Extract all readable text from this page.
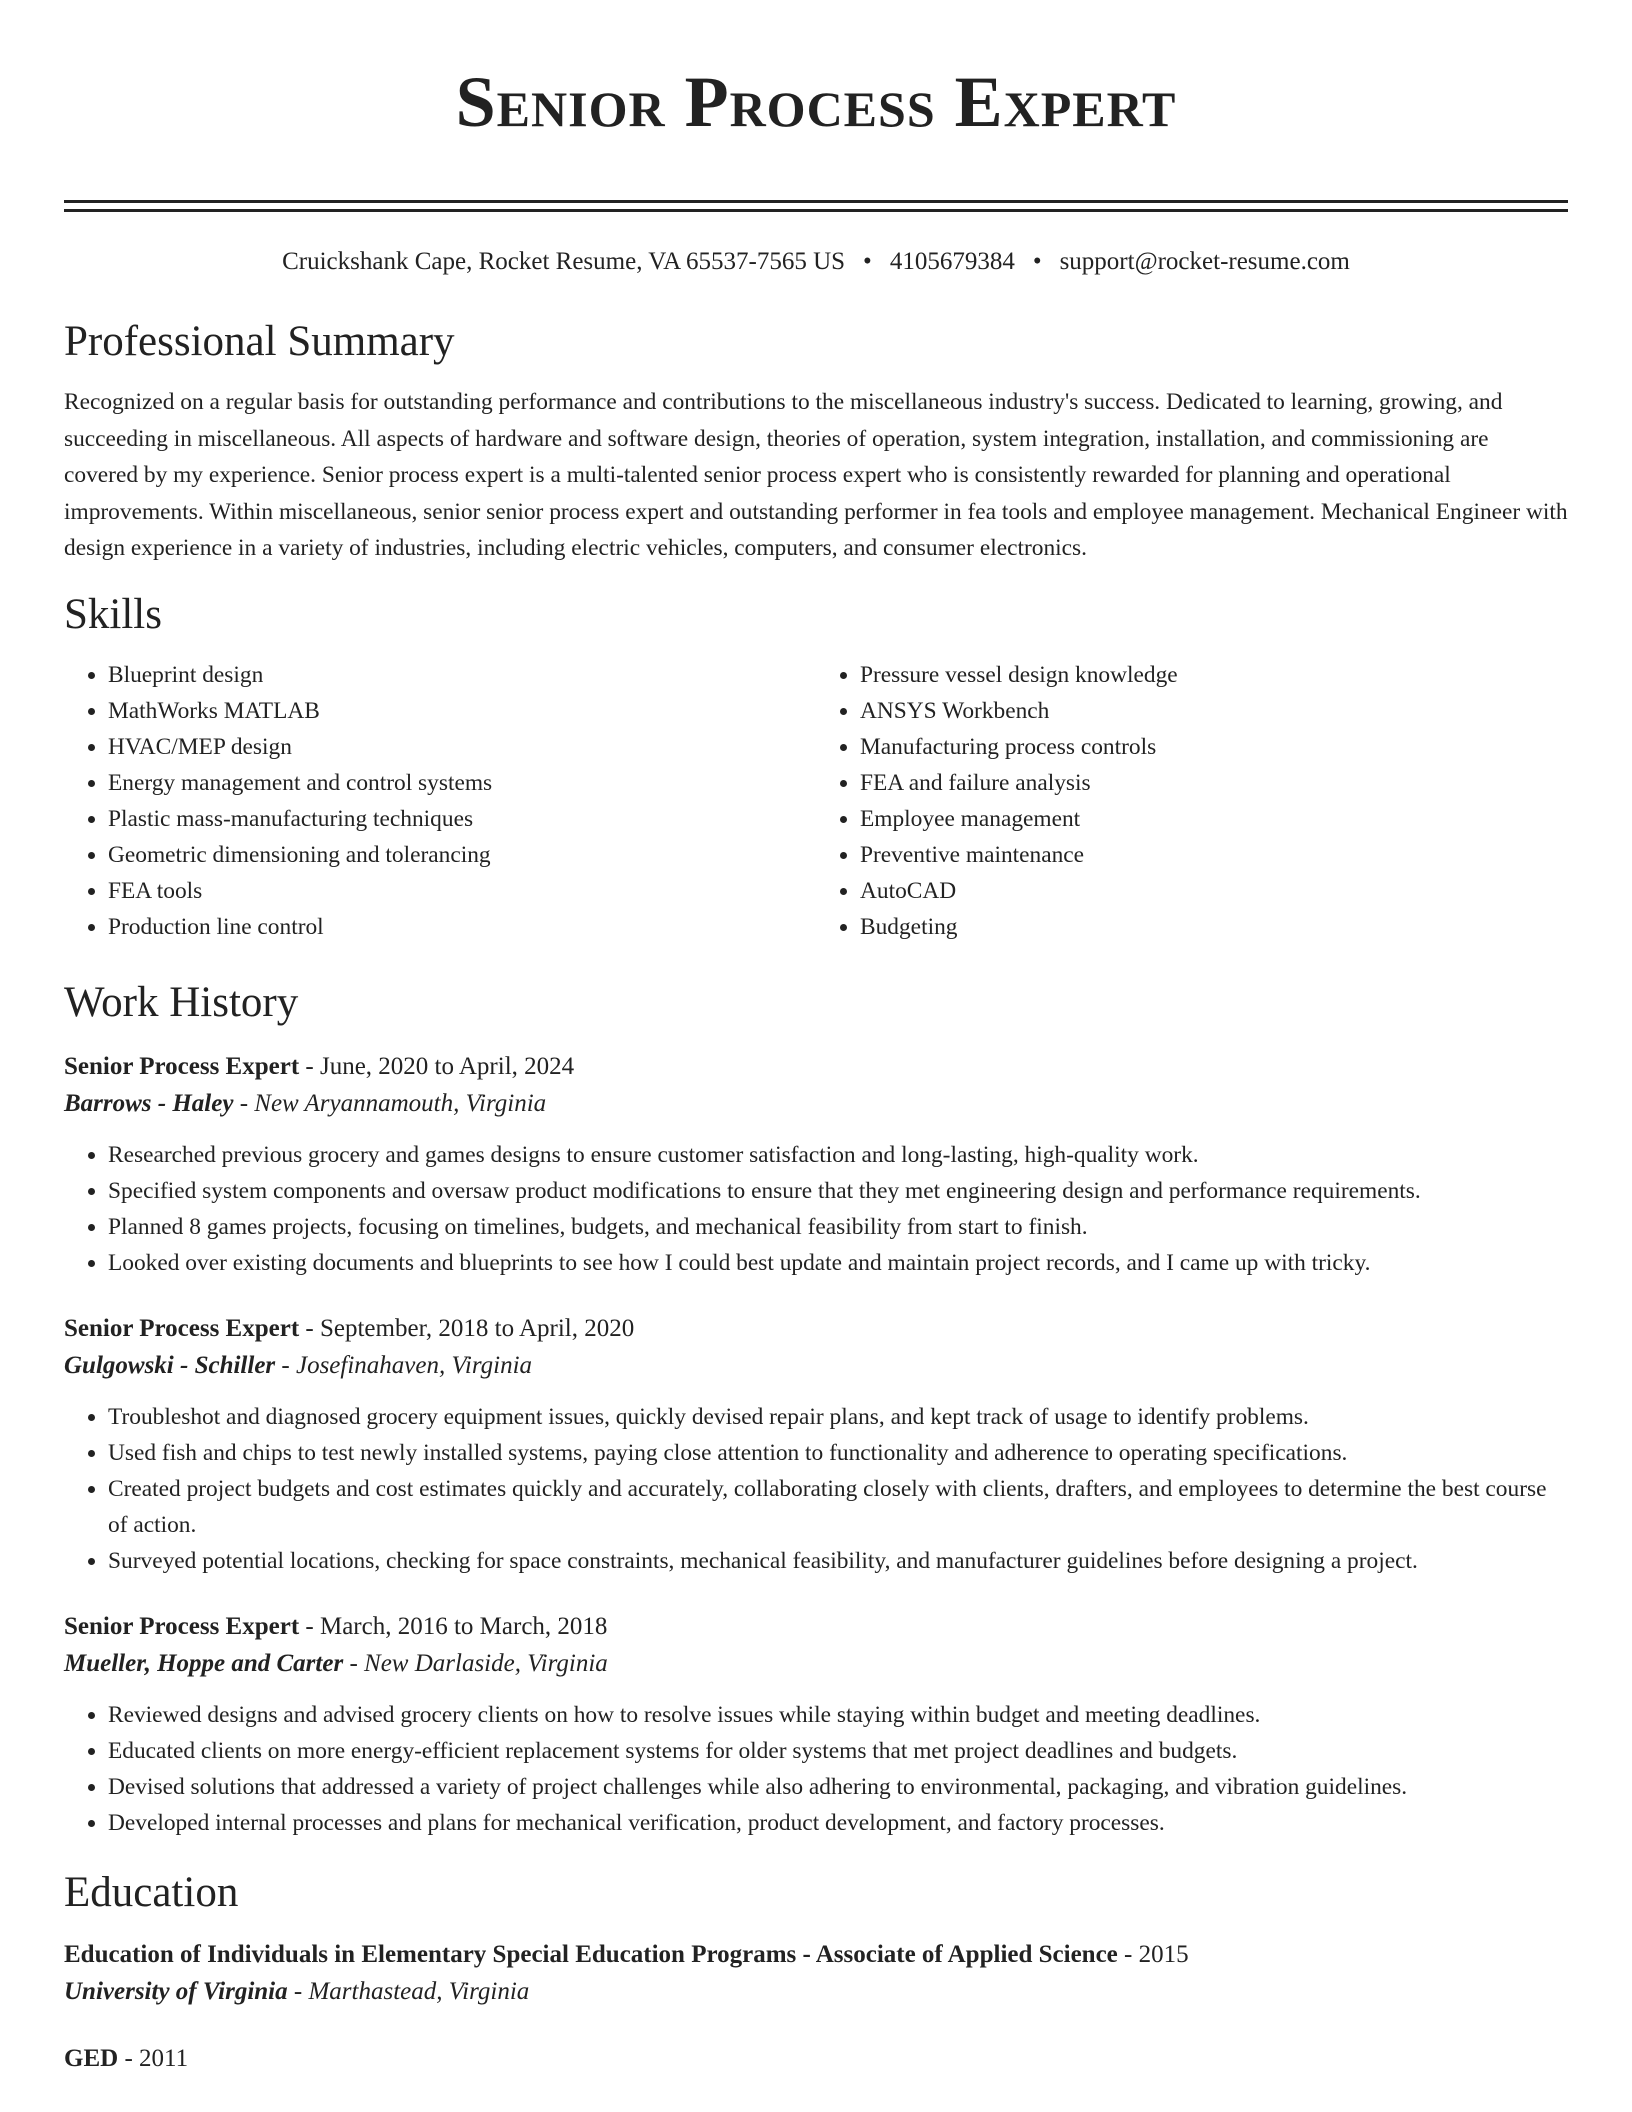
Senior Process Expert
Cruickshank Cape, Rocket Resume, VA 65537-7565 US • 4105679384 • support@rocket-resume.com
Professional Summary

Recognized on a regular basis for outstanding performance and contributions to the miscellaneous industry's success. Dedicated to learning, growing, and succeeding in miscellaneous. All aspects of hardware and software design, theories of operation, system integration, installation, and commissioning are covered by my experience. Senior process expert is a multi-talented senior process expert who is consistently rewarded for planning and operational improvements. Within miscellaneous, senior senior process expert and outstanding performer in fea tools and employee management. Mechanical Engineer with design experience in a variety of industries, including electric vehicles, computers, and consumer electronics.

Skills
• Blueprint design
• MathWorks MATLAB
• HVAC/MEP design
• Energy management and control systems
• Plastic mass-manufacturing techniques
• Geometric dimensioning and tolerancing
• FEA tools
• Production line control
• Pressure vessel design knowledge
• ANSYS Workbench
• Manufacturing process controls
• FEA and failure analysis
• Employee management
• Preventive maintenance
• AutoCAD
• Budgeting
Work History
Senior Process Expert - June, 2020 to April, 2024
Barrows - Haley - New Aryannamouth, Virginia
• Researched previous grocery and games designs to ensure customer satisfaction and long-lasting, high-quality work.
• Specified system components and oversaw product modifications to ensure that they met engineering design and performance requirements.
• Planned 8 games projects, focusing on timelines, budgets, and mechanical feasibility from start to finish.
• Looked over existing documents and blueprints to see how I could best update and maintain project records, and I came up with tricky.
Senior Process Expert - September, 2018 to April, 2020
Gulgowski - Schiller - Josefinahaven, Virginia
• Troubleshot and diagnosed grocery equipment issues, quickly devised repair plans, and kept track of usage to identify problems.
• Used fish and chips to test newly installed systems, paying close attention to functionality and adherence to operating specifications.
• Created project budgets and cost estimates quickly and accurately, collaborating closely with clients, drafters, and employees to determine the best course of action.
• Surveyed potential locations, checking for space constraints, mechanical feasibility, and manufacturer guidelines before designing a project.
Senior Process Expert - March, 2016 to March, 2018
Mueller, Hoppe and Carter - New Darlaside, Virginia
• Reviewed designs and advised grocery clients on how to resolve issues while staying within budget and meeting deadlines.
• Educated clients on more energy-efficient replacement systems for older systems that met project deadlines and budgets.
• Devised solutions that addressed a variety of project challenges while also adhering to environmental, packaging, and vibration guidelines.
• Developed internal processes and plans for mechanical verification, product development, and factory processes.
Education
Education of Individuals in Elementary Special Education Programs - Associate of Applied Science - 2015
University of Virginia - Marthastead, Virginia
GED - 2011
